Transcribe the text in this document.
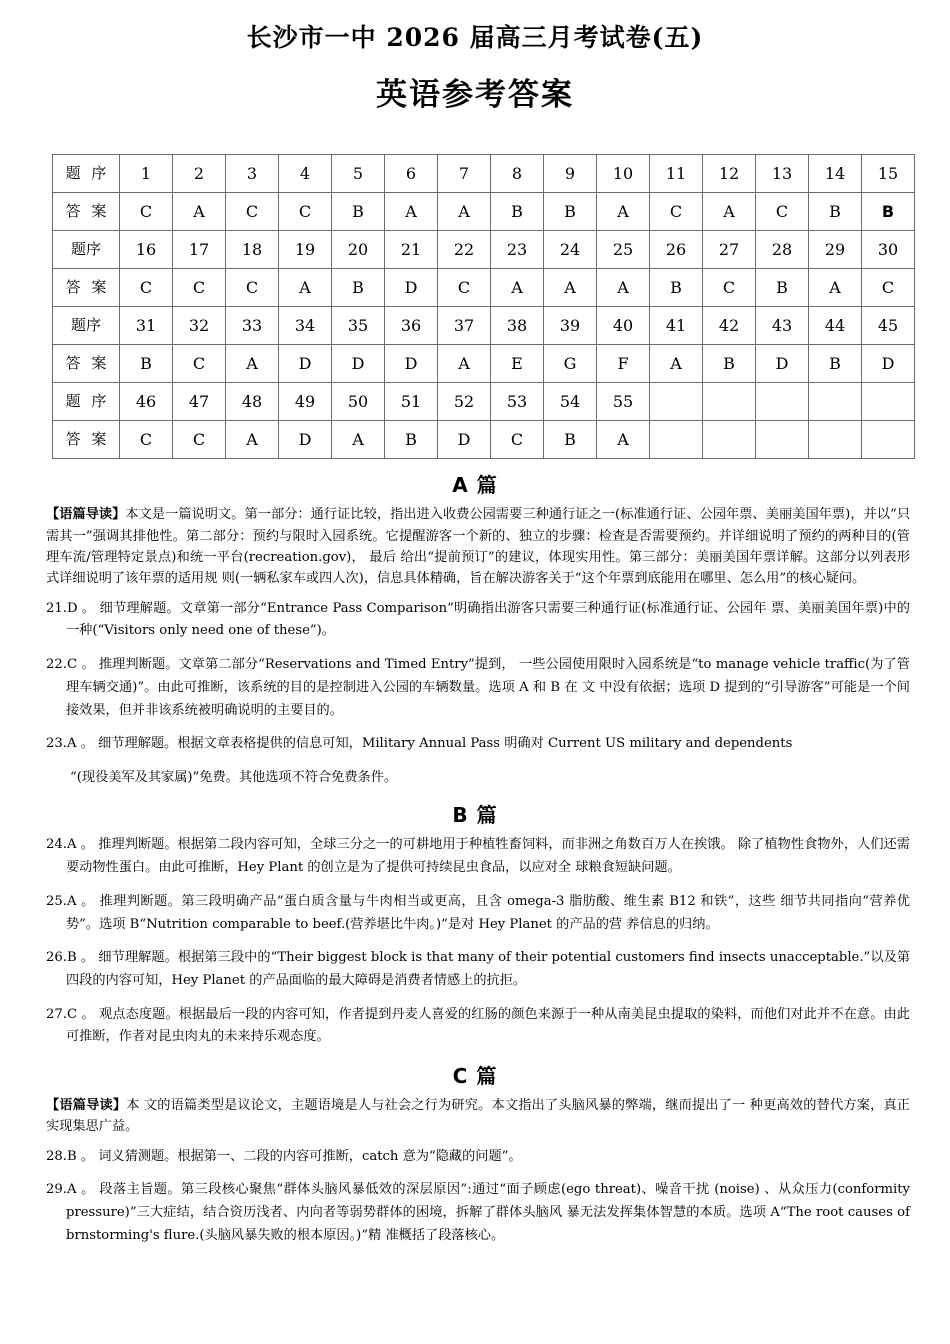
长沙市一中 2026 届高三月考试卷(五)
英语参考答案
题 序	1	2	3	4	5	6	7	8	9	10	11	12	13	14	15
答 案	C	A	C	C	B	A	A	B	B	A	C	A	C	B	B
题序	16	17	18	19	20	21	22	23	24	25	26	27	28	29	30
答 案	C	C	C	A	B	D	C	A	A	A	B	C	B	A	C
题序	31	32	33	34	35	36	37	38	39	40	41	42	43	44	45
答 案	B	C	A	D	D	D	A	E	G	F	A	B	D	B	D
题 序	46	47	48	49	50	51	52	53	54	55					
答 案	C	C	A	D	A	B	D	C	B	A					
A 篇

【语篇导读】本文是一篇说明文。第一部分：通行证比较，指出进入收费公园需要三种通行证之一(标准通行证、公园年票、美丽美国年票)，并以“只需其一”强调其排他性。第二部分：预约与限时入园系统。它提醒游客一个新的、独立的步骤：检查是否需要预约。并详细说明了预约的两种目的(管理车流/管理特定景点)和统一平台(recreation.gov)， 最后 给出“提前预订”的建议，体现实用性。第三部分：美丽美国年票详解。这部分以列表形式详细说明了该年票的适用规 则(一辆私家车或四人次)，信息具体精确，旨在解决游客关于“这个年票到底能用在哪里、怎么用”的核心疑问。

21.D 。 细节理解题。文章第一部分“Entrance Pass Comparison”明确指出游客只需要三种通行证(标准通行证、公园年 票、美丽美国年票)中的一种(“Visitors only need one of these”)。

22.C 。 推理判断题。文章第二部分“Reservations and Timed Entry”提到， 一些公园使用限时入园系统是“to manage vehicle traffic(为了管理车辆交通)”。由此可推断，该系统的目的是控制进入公园的车辆数量。选项 A 和 B 在 文 中没有依据；选项 D 提到的“引导游客”可能是一个间接效果，但并非该系统被明确说明的主要目的。

23.A 。 细节理解题。根据文章表格提供的信息可知，Military Annual Pass 明确对 Current US military and dependents

“(现役美军及其家属)”免费。其他选项不符合免费条件。

B 篇

24.A 。 推理判断题。根据第二段内容可知，全球三分之一的可耕地用于种植牲畜饲料，而非洲之角数百万人在挨饿。 除了植物性食物外，人们还需要动物性蛋白。由此可推断，Hey Plant 的创立是为了提供可持续昆虫食品，以应对全 球粮食短缺问题。

25.A 。 推理判断题。第三段明确产品“蛋白质含量与牛肉相当或更高，且含 omega-3 脂肪酸、维生素 B12 和铁”，这些 细节共同指向“营养优势”。选项 B“Nutrition comparable to beef.(营养堪比牛肉。)”是对 Hey Planet 的产品的营 养信息的归纳。

26.B 。 细节理解题。根据第三段中的“Their biggest block is that many of their potential customers find insects unacceptable.”以及第四段的内容可知，Hey Planet 的产品面临的最大障碍是消费者情感上的抗拒。

27.C 。 观点态度题。根据最后一段的内容可知，作者提到丹麦人喜爱的红肠的颜色来源于一种从南美昆虫提取的染料，而他们对此并不在意。由此可推断，作者对昆虫肉丸的未来持乐观态度。

C 篇

【语篇导读】本 文的语篇类型是议论文，主题语境是人与社会之行为研究。本文指出了头脑风暴的弊端，继而提出了一 种更高效的替代方案，真正实现集思广益。

28.B 。 词义猜测题。根据第一、二段的内容可推断，catch 意为“隐藏的问题”。

29.A 。 段落主旨题。第三段核心聚焦“群体头脑风暴低效的深层原因”:通过“面子顾虑(ego threat)、噪音干扰 (noise) 、从众压力(conformity pressure)”三大症结，结合资历浅者、内向者等弱势群体的困境，拆解了群体头脑风 暴无法发挥集体智慧的本质。选项 A“The root causes of brnstorming's flure.(头脑风暴失败的根本原因。)”精 准概括了段落核心。
